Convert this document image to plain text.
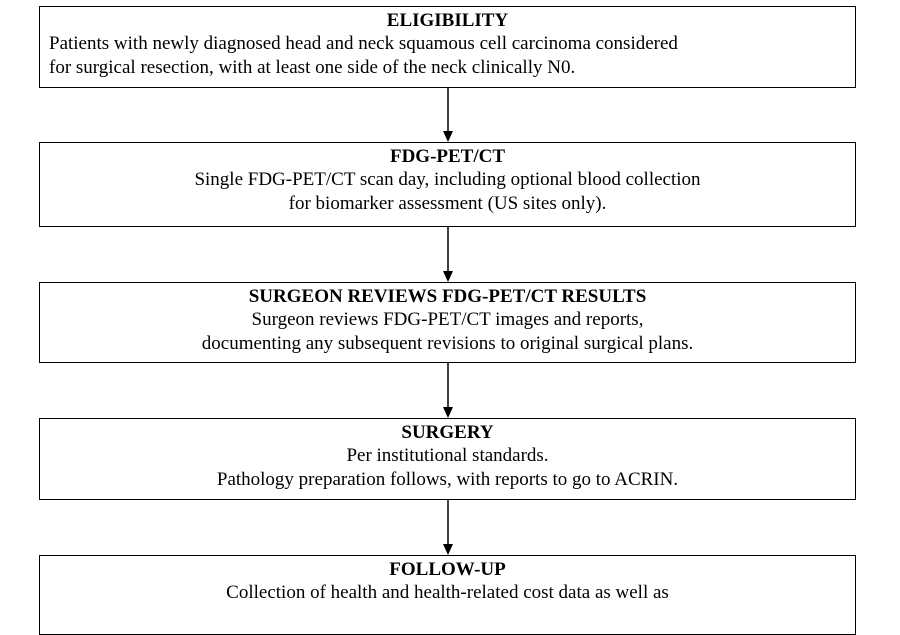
ELIGIBILITY
Patients with newly diagnosed head and neck squamous cell carcinoma considered
for surgical resection, with at least one side of the neck clinically N0.
FDG-PET/CT
Single FDG-PET/CT scan day, including optional blood collection
for biomarker assessment (US sites only).
SURGEON REVIEWS FDG-PET/CT RESULTS
Surgeon reviews FDG-PET/CT images and reports,
documenting any subsequent revisions to original surgical plans.
SURGERY
Per institutional standards.
Pathology preparation follows, with reports to go to ACRIN.
FOLLOW-UP
Collection of health and health-related cost data as well as
